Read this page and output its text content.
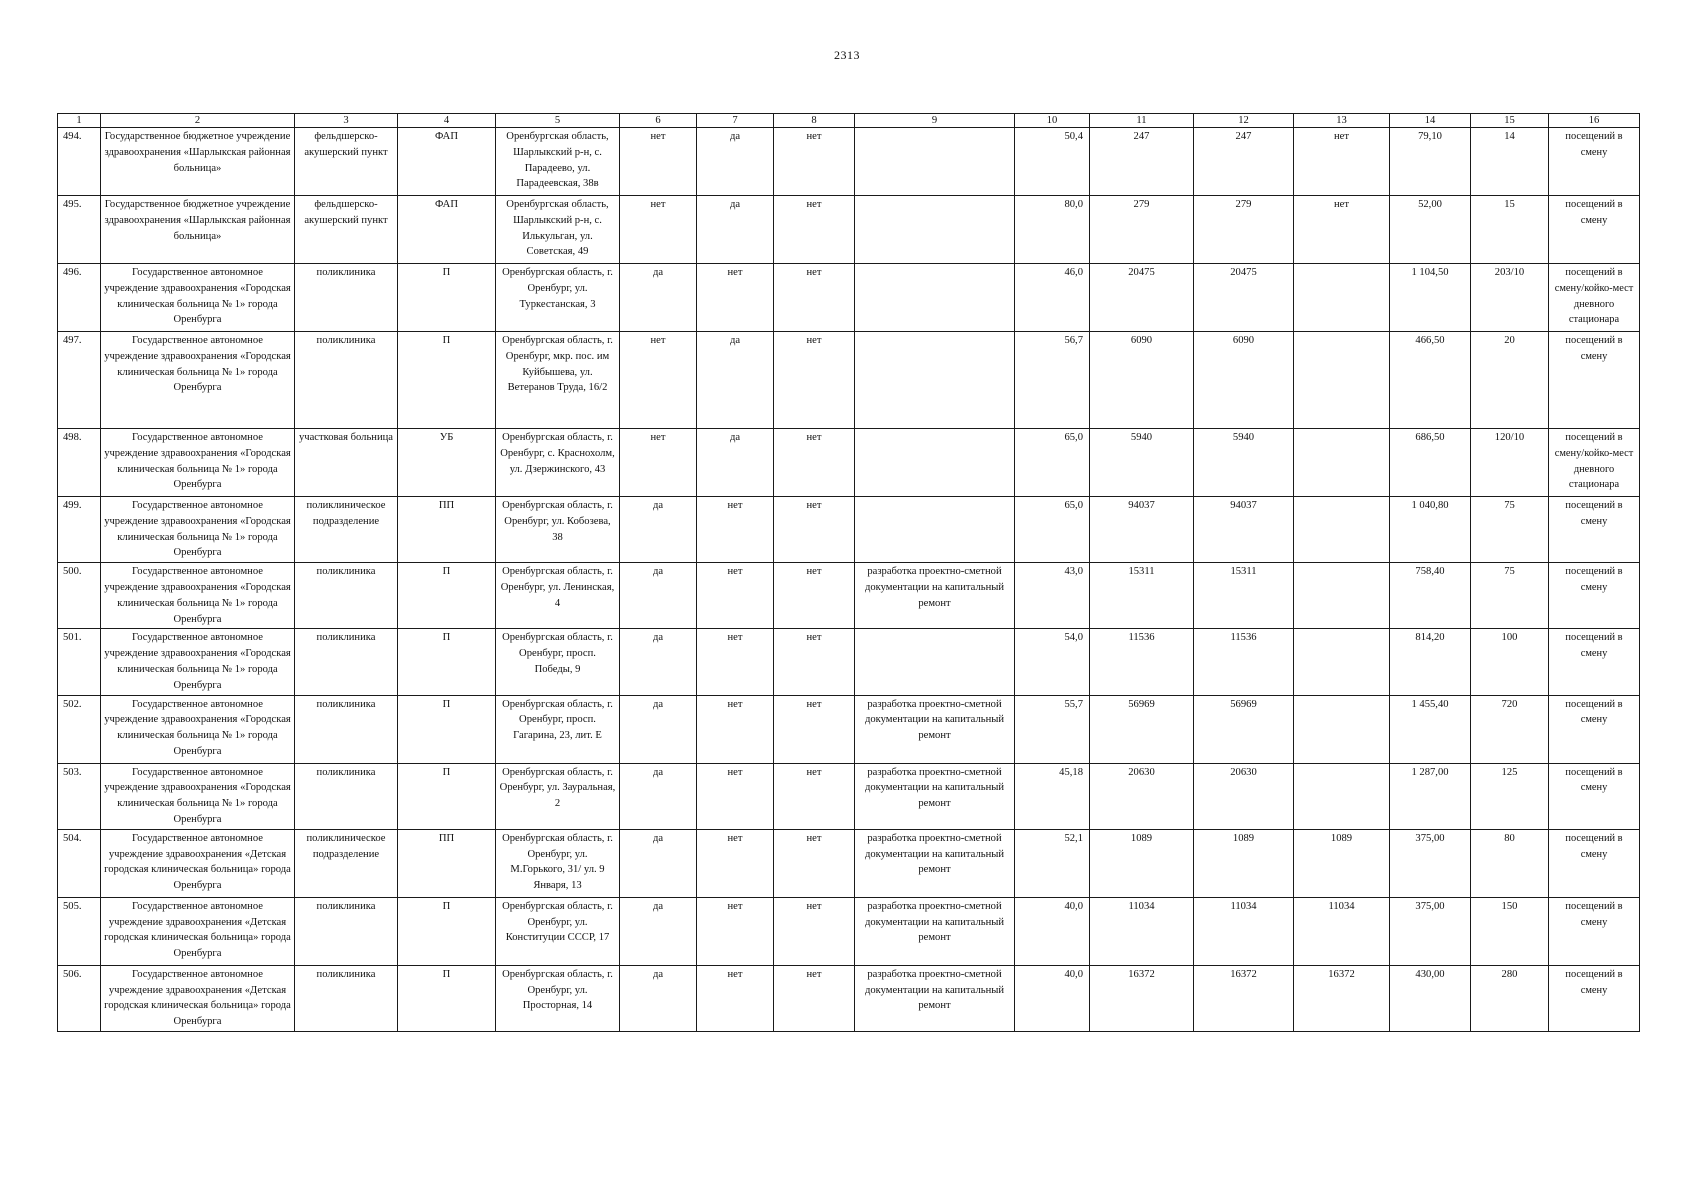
2313
1	2	3	4	5	6	7	8	9	10	11	12	13	14	15	16
494.	Государственное бюджетное учреждение здравоохранения «Шарлыкская районная больница»	фельдшерско-акушерский пункт	ФАП	Оренбургская область, Шарлыкский р-н, с. Парадеево, ул. Парадеевская, 38в	нет	да	нет		50,4	247	247	нет	79,10	14	посещений в смену
495.	Государственное бюджетное учреждение здравоохранения «Шарлыкская районная больница»	фельдшерско-акушерский пункт	ФАП	Оренбургская область, Шарлыкский р-н, с. Илькульган, ул. Советская, 49	нет	да	нет		80,0	279	279	нет	52,00	15	посещений в смену
496.	Государственное автономное учреждение здравоохранения «Городская клиническая больница № 1» города Оренбурга	поликлиника	П	Оренбургская область, г. Оренбург, ул. Туркестанская, 3	да	нет	нет		46,0	20475	20475		1 104,50	203/10	посещений в смену/койко-мест дневного стационара
497.	Государственное автономное учреждение здравоохранения «Городская клиническая больница № 1» города Оренбурга	поликлиника	П	Оренбургская область, г. Оренбург, мкр. пос. им Куйбышева, ул. Ветеранов Труда, 16/2	нет	да	нет		56,7	6090	6090		466,50	20	посещений в смену
498.	Государственное автономное учреждение здравоохранения «Городская клиническая больница № 1» города Оренбурга	участковая больница	УБ	Оренбургская область, г. Оренбург, с. Краснохолм, ул. Дзержинского, 43	нет	да	нет		65,0	5940	5940		686,50	120/10	посещений в смену/койко-мест дневного стационара
499.	Государственное автономное учреждение здравоохранения «Городская клиническая больница № 1» города Оренбурга	поликлиническое подразделение	ПП	Оренбургская область, г. Оренбург, ул. Кобозева, 38	да	нет	нет		65,0	94037	94037		1 040,80	75	посещений в смену
500.	Государственное автономное учреждение здравоохранения «Городская клиническая больница № 1» города Оренбурга	поликлиника	П	Оренбургская область, г. Оренбург, ул. Ленинская, 4	да	нет	нет	разработка проектно-сметной документации на капитальный ремонт	43,0	15311	15311		758,40	75	посещений в смену
501.	Государственное автономное учреждение здравоохранения «Городская клиническая больница № 1» города Оренбурга	поликлиника	П	Оренбургская область, г. Оренбург, просп. Победы, 9	да	нет	нет		54,0	11536	11536		814,20	100	посещений в смену
502.	Государственное автономное учреждение здравоохранения «Городская клиническая больница № 1» города Оренбурга	поликлиника	П	Оренбургская область, г. Оренбург, просп. Гагарина, 23, лит. Е	да	нет	нет	разработка проектно-сметной документации на капитальный ремонт	55,7	56969	56969		1 455,40	720	посещений в смену
503.	Государственное автономное учреждение здравоохранения «Городская клиническая больница № 1» города Оренбурга	поликлиника	П	Оренбургская область, г. Оренбург, ул. Зауральная, 2	да	нет	нет	разработка проектно-сметной документации на капитальный ремонт	45,18	20630	20630		1 287,00	125	посещений в смену
504.	Государственное автономное учреждение здравоохранения «Детская городская клиническая больница» города Оренбурга	поликлиническое подразделение	ПП	Оренбургская область, г. Оренбург, ул. М.Горького, 31/ ул. 9 Января, 13	да	нет	нет	разработка проектно-сметной документации на капитальный ремонт	52,1	1089	1089	1089	375,00	80	посещений в смену
505.	Государственное автономное учреждение здравоохранения «Детская городская клиническая больница» города Оренбурга	поликлиника	П	Оренбургская область, г. Оренбург, ул. Конституции СССР, 17	да	нет	нет	разработка проектно-сметной документации на капитальный ремонт	40,0	11034	11034	11034	375,00	150	посещений в смену
506.	Государственное автономное учреждение здравоохранения «Детская городская клиническая больница» города Оренбурга	поликлиника	П	Оренбургская область, г. Оренбург, ул. Просторная, 14	да	нет	нет	разработка проектно-сметной документации на капитальный ремонт	40,0	16372	16372	16372	430,00	280	посещений в смену
